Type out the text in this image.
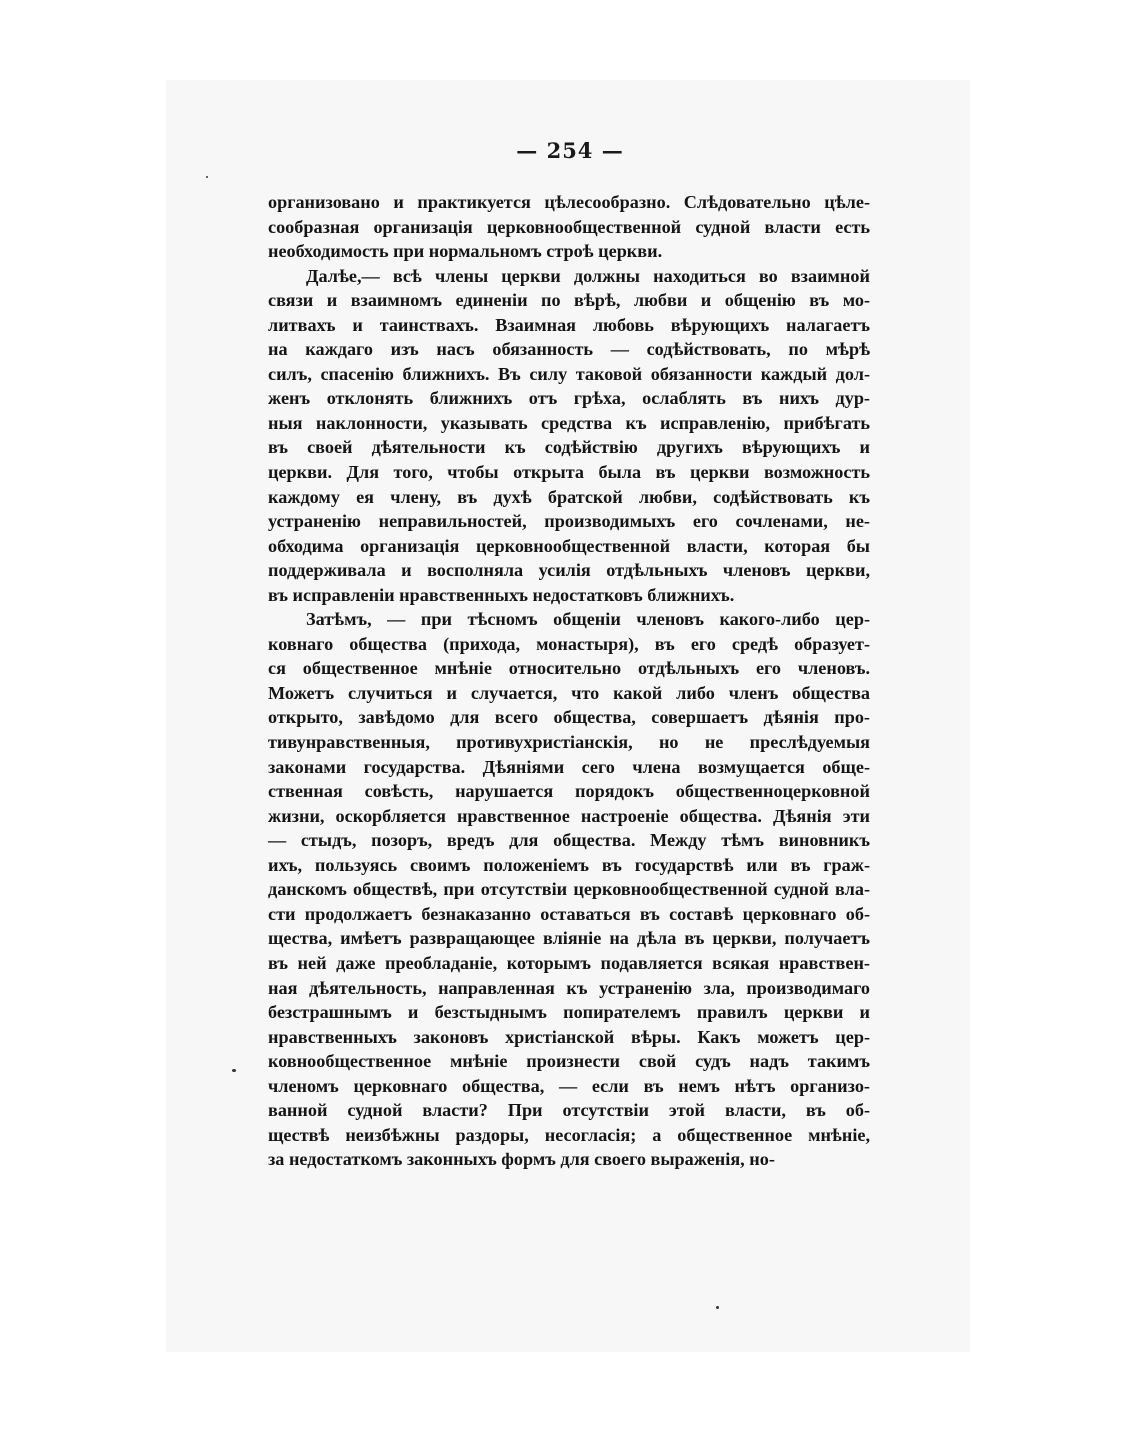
— 254 —
организовано и практикуется цѣлесообразно. Слѣдовательно цѣле-
сообразная организація церковнообщественной судной власти есть
необходимость при нормальномъ строѣ церкви.
Далѣе,— всѣ члены церкви должны находиться во взаимной
связи и взаимномъ единеніи по вѣрѣ, любви и общенію въ мо-
литвахъ и таинствахъ. Взаимная любовь вѣрующихъ налагаетъ
на каждаго изъ насъ обязанность — содѣйствовать, по мѣрѣ
силъ, спасенію ближнихъ. Въ силу таковой обязанности каждый дол-
женъ отклонять ближнихъ отъ грѣха, ослаблять въ нихъ дур-
ныя наклонности, указывать средства къ исправленію, прибѣгать
въ своей дѣятельности къ содѣйствію другихъ вѣрующихъ и
церкви. Для того, чтобы открыта была въ церкви возможность
каждому ея члену, въ духѣ братской любви, содѣйствовать къ
устраненію неправильностей, производимыхъ его сочленами, не-
обходима организація церковнообщественной власти, которая бы
поддерживала и восполняла усилія отдѣльныхъ членовъ церкви,
въ исправленіи нравственныхъ недостатковъ ближнихъ.
Затѣмъ, — при тѣсномъ общеніи членовъ какого-либо цер-
ковнаго общества (прихода, монастыря), въ его средѣ образует-
ся общественное мнѣніе относительно отдѣльныхъ его членовъ.
Можетъ случиться и случается, что какой либо членъ общества
открыто, завѣдомо для всего общества, совершаетъ дѣянія про-
тивунравственныя, противухристіанскія, но не преслѣдуемыя
законами государства. Дѣяніями сего члена возмущается обще-
ственная совѣсть, нарушается порядокъ общественноцерковной
жизни, оскорбляется нравственное настроеніе общества. Дѣянія эти
— стыдъ, позоръ, вредъ для общества. Между тѣмъ виновникъ
ихъ, пользуясь своимъ положеніемъ въ государствѣ или въ граж-
данскомъ обществѣ, при отсутствіи церковнообщественной судной вла-
сти продолжаетъ безнаказанно оставаться въ составѣ церковнаго об-
щества, имѣетъ развращающее вліяніе на дѣла въ церкви, получаетъ
въ ней даже преобладаніе, которымъ подавляется всякая нравствен-
ная дѣятельность, направленная къ устраненію зла, производимаго
безстрашнымъ и безстыднымъ попирателемъ правилъ церкви и
нравственныхъ законовъ христіанской вѣры. Какъ можетъ цер-
ковнообщественное мнѣніе произнести свой судъ надъ такимъ
членомъ церковнаго общества, — если въ немъ нѣтъ организо-
ванной судной власти? При отсутствіи этой власти, въ об-
ществѣ неизбѣжны раздоры, несогласія; а общественное мнѣніе,
за недостаткомъ законныхъ формъ для своего выраженія, но-
